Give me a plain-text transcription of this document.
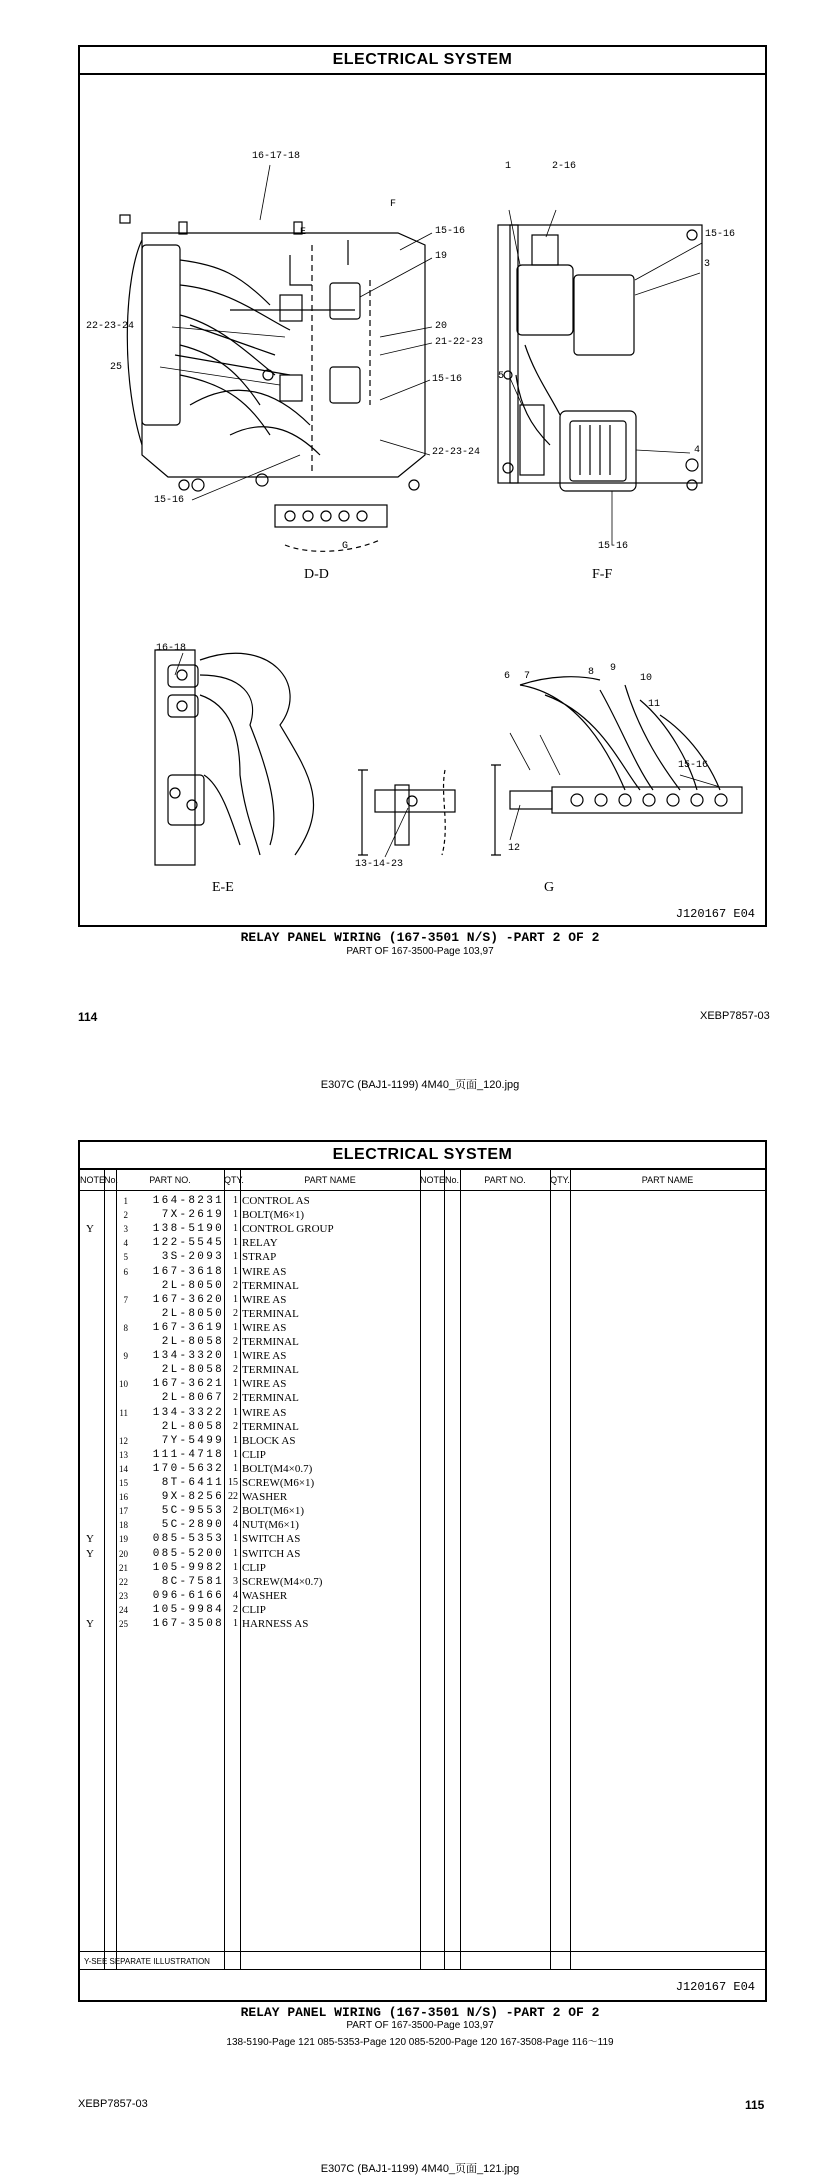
ELECTRICAL SYSTEM
16-17-18
15-16
19
22-23-24	20
21-22-23
25
15-16
22-23-24
15-16
1	2-16
15-16
3
5
4
15-16
16-18
6 7	8 9
10
11
15-16
12
13-14-23
E
F
G
D-D	F-F
E-E	G
J120167 E04
RELAY PANEL WIRING (167-3501 N/S) -PART 2 OF 2
PART OF 167-3500-Page 103,97
114	XEBP7857-03
E307C (BAJ1-1199) 4M40_页面_120.jpg
ELECTRICAL SYSTEM
NOTE
No.	PART NO.	QTY.	PART NAME	NOTE No.	PART NO.	QTY.	PART NAME
1	164-8231 1 CONTROL AS
2	7X-2619 1 BOLT(M6×1)
Y	3	138-5190 1 CONTROL GROUP
4	122-5545 1 RELAY
5	3S-2093 1 STRAP
6	167-3618 1 WIRE AS
2L-8050 2 TERMINAL
7	167-3620 1 WIRE AS
2L-8050 2 TERMINAL
8	167-3619 1 WIRE AS
2L-8058 2 TERMINAL
9	134-3320 1 WIRE AS
2L-8058 2 TERMINAL
10	167-3621 1 WIRE AS
2L-8067 2 TERMINAL
11	134-3322 1 WIRE AS
2L-8058 2 TERMINAL
12	7Y-5499 1 BLOCK AS
13	111-4718 1 CLIP
14	170-5632 1 BOLT(M4×0.7)
15	8T-6411 15 SCREW(M6×1)
16	9X-8256 22 WASHER
17	5C-9553 2 BOLT(M6×1)
18	5C-2890 4 NUT(M6×1)
Y	19	085-5353 1 SWITCH AS
Y	20	085-5200 1 SWITCH AS
21	105-9982 1 CLIP
22	8C-7581 3 SCREW(M4×0.7)
23	096-6166 4 WASHER
24	105-9984 2 CLIP
Y	25	167-3508 1 HARNESS AS
Y-SEE SEPARATE ILLUSTRATION
J120167 E04
RELAY PANEL WIRING (167-3501 N/S) -PART 2 OF 2
PART OF 167-3500-Page 103,97
138-5190-Page 121 085-5353-Page 120 085-5200-Page 120 167-3508-Page 116～119
XEBP7857-03	115
E307C (BAJ1-1199) 4M40_页面_121.jpg
